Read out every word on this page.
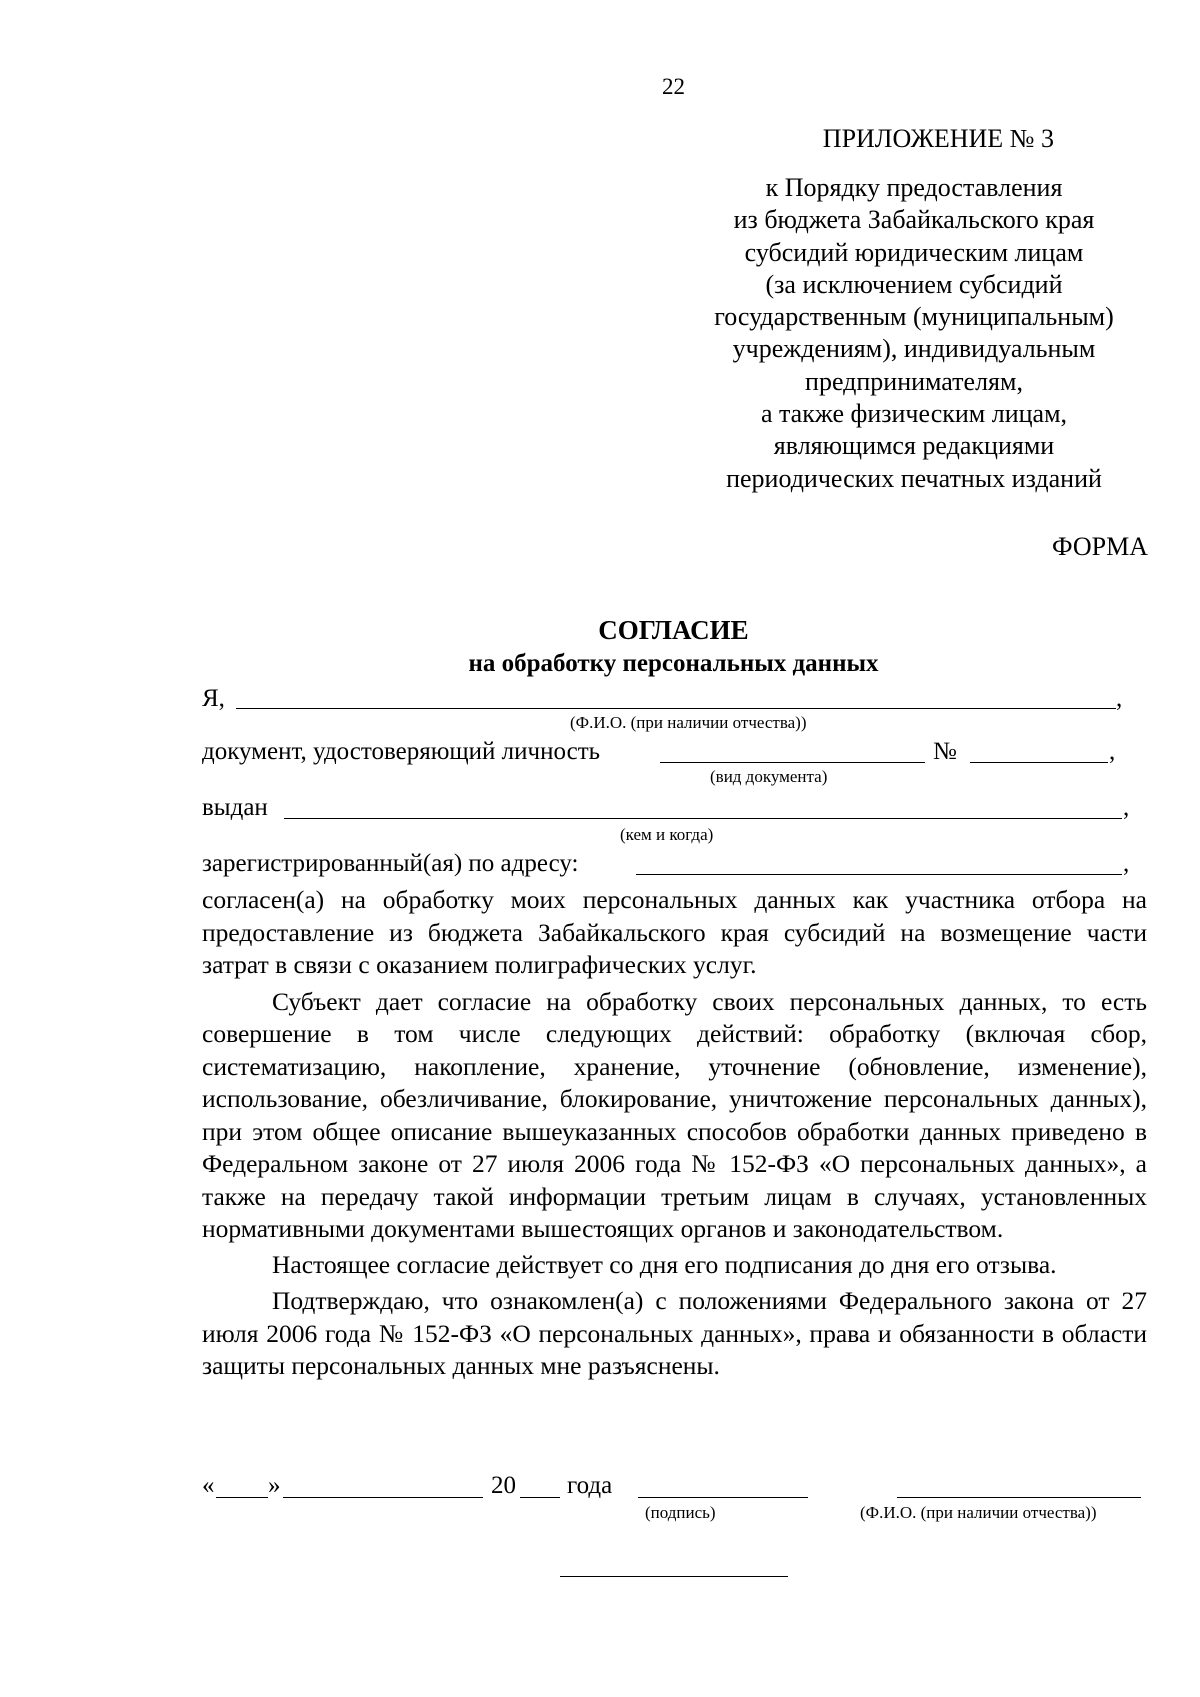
22
ПРИЛОЖЕНИЕ № 3
к Порядку предоставления
из бюджета Забайкальского края
субсидий юридическим лицам
(за исключением субсидий
государственным (муниципальным)
учреждениям), индивидуальным
предпринимателям,
а также физическим лицам,
являющимся редакциями
периодических печатных изданий
ФОРМА
СОГЛАСИЕ
на обработку персональных данных
Я,	,
(Ф.И.О. (при наличии отчества))
документ, удостоверяющий личность	№	,
(вид документа)
выдан	,
(кем и когда)
зарегистрированный(ая) по адресу:	,

согласен(а) на обработку моих персональных данных как участника отбора на предоставление из бюджета Забайкальского края субсидий на возмещение части затрат в связи с оказанием полиграфических услуг.

Субъект дает согласие на обработку своих персональных данных, то есть совершение в том числе следующих действий: обработку (включая сбор, систематизацию, накопление, хранение, уточнение (обновление, изменение), использование, обезличивание, блокирование, уничтожение персональных данных), при этом общее описание вышеуказанных способов обработки данных приведено в Федеральном законе от 27 июля 2006 года № 152-ФЗ «О персональных данных», а также на передачу такой информации третьим лицам в случаях, установленных нормативными документами вышестоящих органов и законодательством.

Настоящее согласие действует со дня его подписания до дня его отзыва.

Подтверждаю, что ознакомлен(а) с положениями Федерального закона от 27 июля 2006 года № 152-ФЗ «О персональных данных», права и обязанности в области защиты персональных данных мне разъяснены.

« »	20 года
(подпись)	(Ф.И.О. (при наличии отчества))
